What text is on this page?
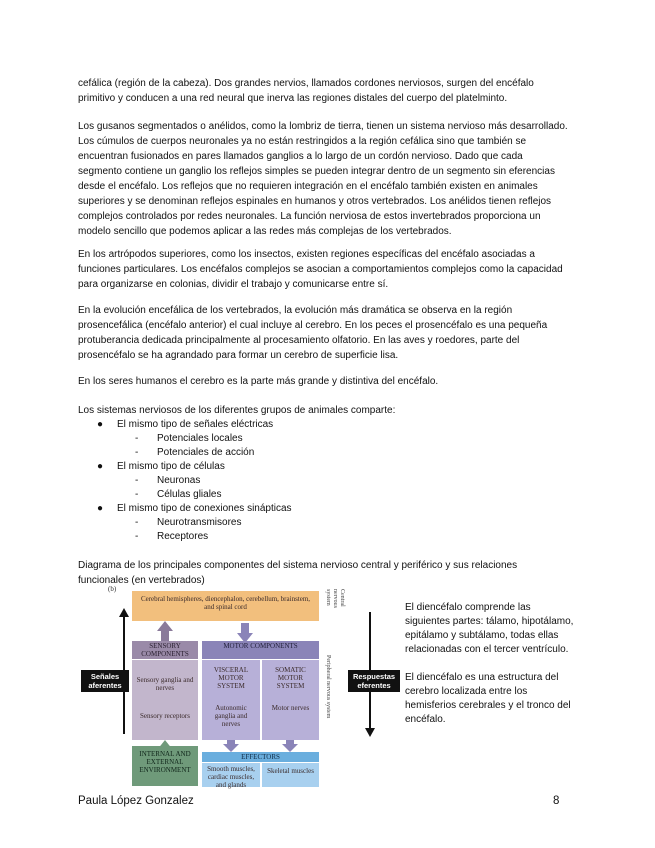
cefálica (región de la cabeza). Dos grandes nervios, llamados cordones nerviosos, surgen del encéfalo primitivo y conducen a una red neural que inerva las regiones distales del cuerpo del platelminto.

Los gusanos segmentados o anélidos, como la lombriz de tierra, tienen un sistema nervioso más desarrollado. Los cúmulos de cuerpos neuronales ya no están restringidos a la región cefálica sino que también se encuentran fusionados en pares llamados ganglios a lo largo de un cordón nervioso. Dado que cada segmento contiene un ganglio los reflejos simples se pueden integrar dentro de un segmento sin eferencias desde el encéfalo. Los reflejos que no requieren integración en el encéfalo también existen en animales superiores y se denominan reflejos espinales en humanos y otros vertebrados. Los anélidos tienen reflejos complejos controlados por redes neuronales. La función nerviosa de estos invertebrados proporciona un modelo sencillo que podemos aplicar a las redes más complejas de los vertebrados.

En los artrópodos superiores, como los insectos, existen regiones específicas del encéfalo asociadas a funciones particulares. Los encéfalos complejos se asocian a comportamientos complejos como la capacidad para organizarse en colonias, dividir el trabajo y comunicarse entre sí.

En la evolución encefálica de los vertebrados, la evolución más dramática se observa en la región prosencefálica (encéfalo anterior) el cual incluye al cerebro. En los peces el prosencéfalo es una pequeña protuberancia dedicada principalmente al procesamiento olfatorio. En las aves y roedores, parte del prosencéfalo se ha agrandado para formar un cerebro de superficie lisa.

En los seres humanos el cerebro es la parte más grande y distintiva del encéfalo.

Los sistemas nerviosos de los diferentes grupos de animales comparte:

● El mismo tipo de señales eléctricas
- Potenciales locales
- Potenciales de acción
● El mismo tipo de células
- Neuronas
- Células gliales
● El mismo tipo de conexiones sinápticas
- Neurotransmisores
- Receptores

Diagrama de los principales componentes del sistema nervioso central y periférico y sus relaciones funcionales (en vertebrados)

(b)
Cerebral hemispheres, diencephalon, cerebellum, brainstem, and spinal cord
Central nervous system
SENSORY COMPONENTS
Sensory ganglia and nerves
Sensory receptors
MOTOR COMPONENTS
VISCERAL MOTOR SYSTEM
Autonomic ganglia and nerves
SOMATIC MOTOR SYSTEM
Motor nerves	Peripheral nervous system
INTERNAL AND EXTERNAL ENVIRONMENT
EFFECTORS
Smooth muscles, cardiac muscles, and glands
Skeletal muscles
Señales aferentes
Respuestas eferentes
El diencéfalo comprende las siguientes partes: tálamo, hipotálamo, epitálamo y subtálamo, todas ellas relacionadas con el tercer ventrículo.
El diencéfalo es una estructura del cerebro localizada entre los hemisferios cerebrales y el tronco del encéfalo.
Paula López Gonzalez	8
